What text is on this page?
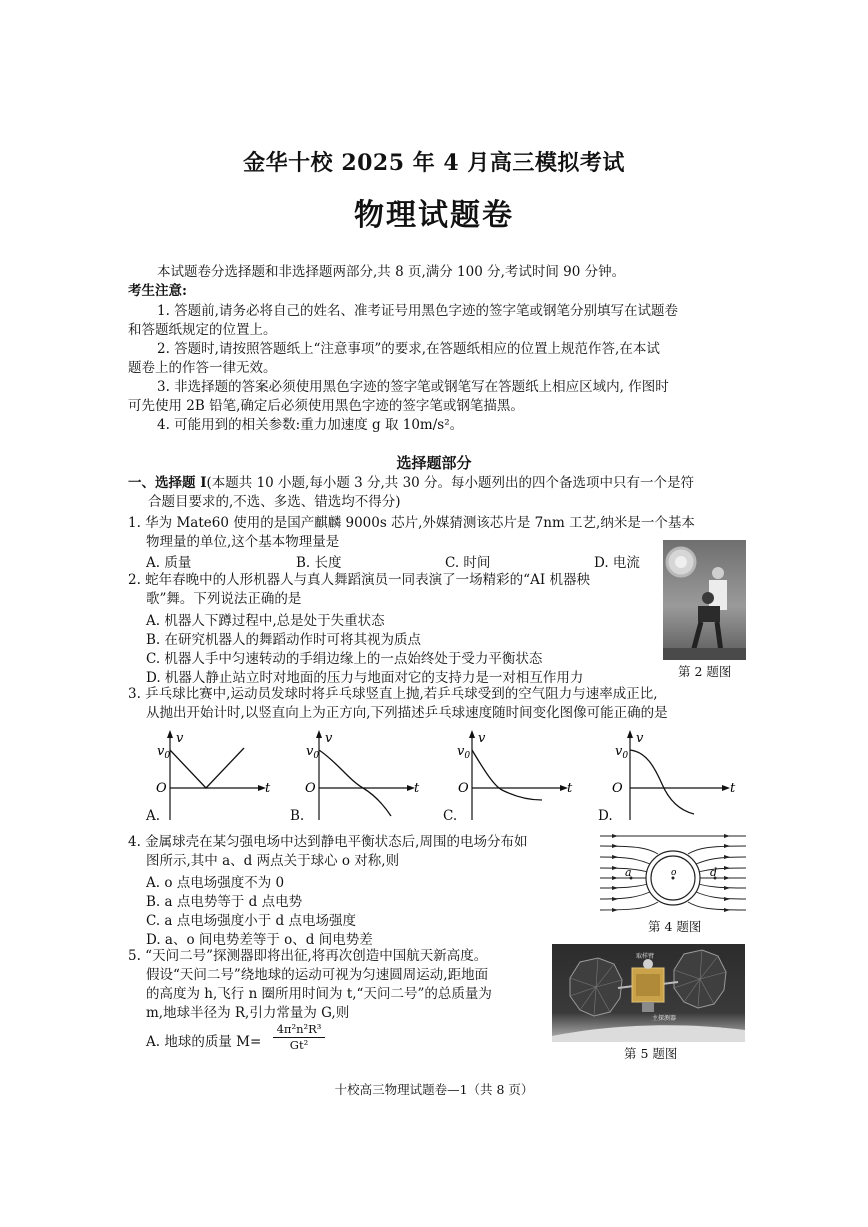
金华十校 2025 年 4 月高三模拟考试
物理试题卷
本试题卷分选择题和非选择题两部分,共 8 页,满分 100 分,考试时间 90 分钟。
考生注意:
1. 答题前,请务必将自己的姓名、准考证号用黑色字迹的签字笔或钢笔分别填写在试题卷
和答题纸规定的位置上。
2. 答题时,请按照答题纸上“注意事项”的要求,在答题纸相应的位置上规范作答,在本试
题卷上的作答一律无效。
3. 非选择题的答案必须使用黑色字迹的签字笔或钢笔写在答题纸上相应区域内, 作图时
可先使用 2B 铅笔,确定后必须使用黑色字迹的签字笔或钢笔描黑。
4. 可能用到的相关参数:重力加速度 g 取 10m/s²。
选择题部分
一、选择题 I(本题共 10 小题,每小题 3 分,共 30 分。每小题列出的四个备选项中只有一个是符
合题目要求的,不选、多选、错选均不得分)
1. 华为 Mate60 使用的是国产麒麟 9000s 芯片,外媒猜测该芯片是 7nm 工艺,纳米是一个基本
物理量的单位,这个基本物理量是
A. 质量	B. 长度	C. 时间	D. 电流
2. 蛇年春晚中的人形机器人与真人舞蹈演员一同表演了一场精彩的“AI 机器秧
歌”舞。下列说法正确的是
A. 机器人下蹲过程中,总是处于失重状态
B. 在研究机器人的舞蹈动作时可将其视为质点
C. 机器人手中匀速转动的手绢边缘上的一点始终处于受力平衡状态
D. 机器人静止站立时对地面的压力与地面对它的支持力是一对相互作用力	第 2 题图
3. 乒乓球比赛中,运动员发球时将乒乓球竖直上抛,若乒乓球受到的空气阻力与速率成正比,
从抛出开始计时,以竖直向上为正方向,下列描述乒乓球速度随时间变化图像可能正确的是
v
$v_0$
O	t
A.
v
$v_0$
O	t
B.
v
$v_0$
O	t
C.
v
$v_0$
O	t
D.
4. 金属球壳在某匀强电场中达到静电平衡状态后,周围的电场分布如
图所示,其中 a、d 两点关于球心 o 对称,则
A. o 点电场强度不为 0
B. a 点电势等于 d 点电势
C. a 点电场强度小于 d 点电场强度
D. a、o 间电势差等于 o、d 间电势差
a	o	d
第 4 题图
5. “天问二号”探测器即将出征,将再次创造中国航天新高度。
假设“天问二号”绕地球的运动可视为匀速圆周运动,距地面
的高度为 h,飞行 n 圈所用时间为 t,“天问二号”的总质量为
m,地球半径为 R,引力常量为 G,则
A. 地球的质量 $M= \frac{\text{4π²n²R³}}{\text{Gt²}}$
取样臂
主探测器
第 5 题图
十校高三物理试题卷—1（共 8 页）
